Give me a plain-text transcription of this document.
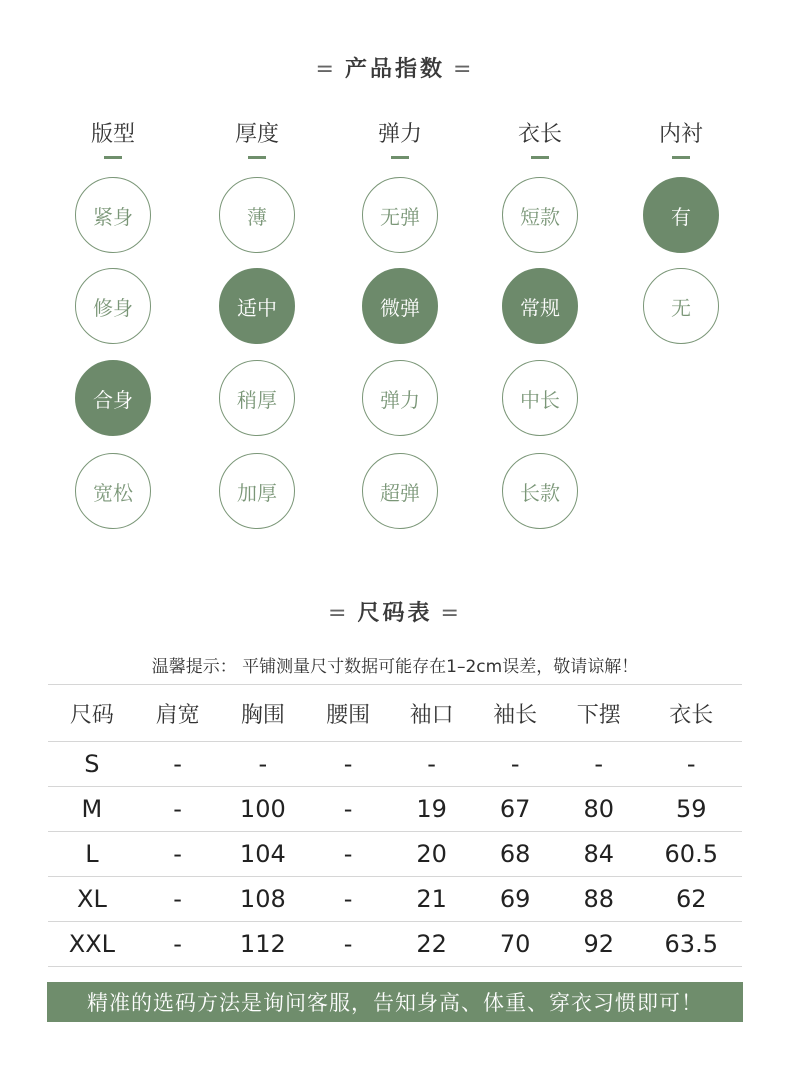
= 产品指数 =
版型
紧身
修身
合身
宽松
厚度
薄
适中
稍厚
加厚
弹力
无弹
微弹
弹力
超弹
衣长
短款
常规
中长
长款
内衬
有
无
= 尺码表 =
温馨提示： 平铺测量尺寸数据可能存在1–2cm误差，敬请谅解！
尺码	肩宽	胸围	腰围	袖口	袖长	下摆	衣长
S	-	-	-	-	-	-	-
M	-	100	-	19	67	80	59
L	-	104	-	20	68	84	60.5
XL	-	108	-	21	69	88	62
XXL	-	112	-	22	70	92	63.5
精准的选码方法是询问客服，告知身高、体重、穿衣习惯即可！
